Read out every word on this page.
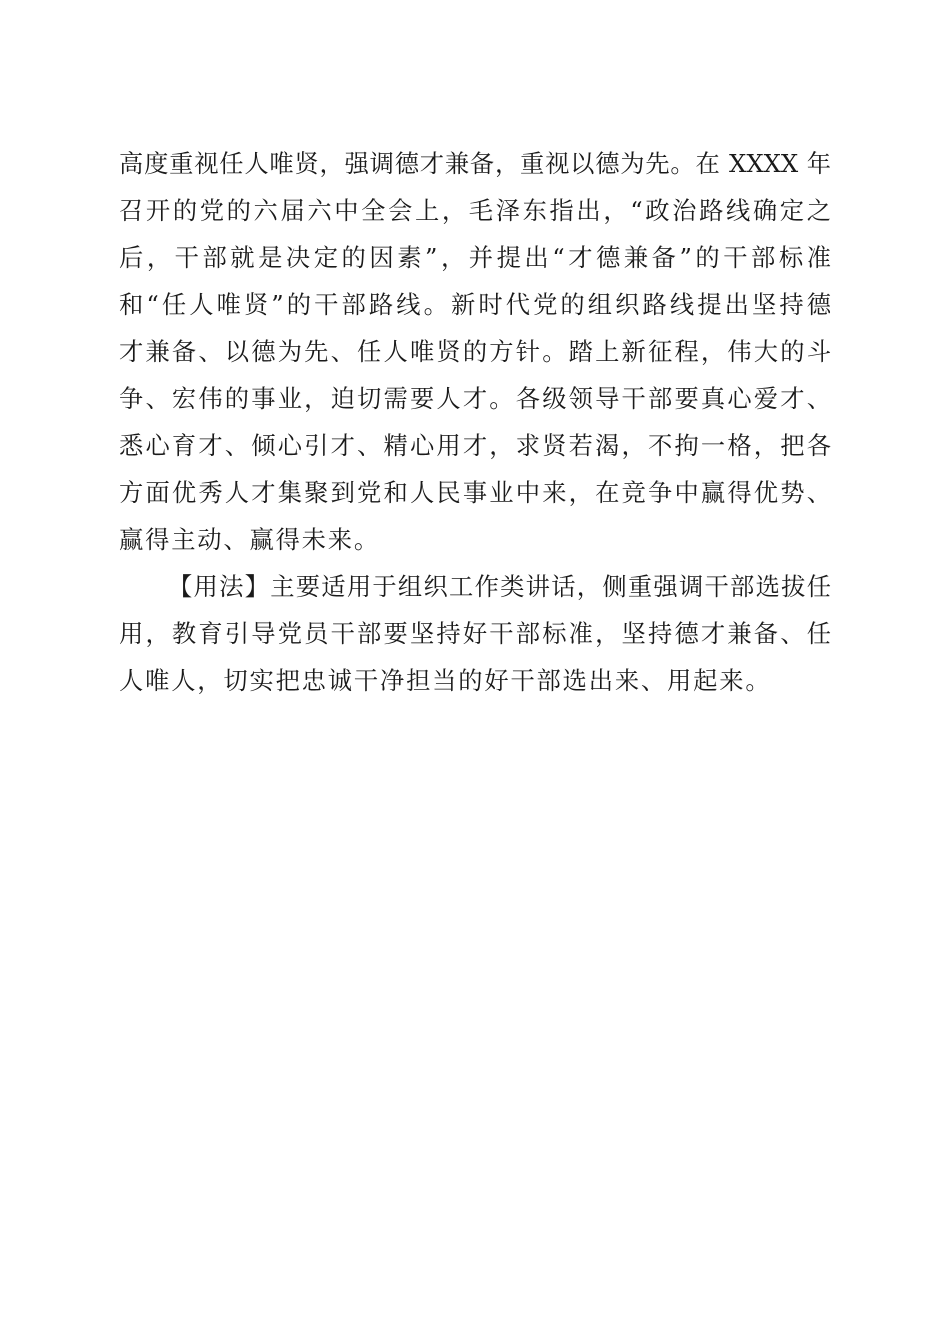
高度重视任人唯贤，强调德才兼备，重视以德为先。在 XXXX 年
召开的党的六届六中全会上，毛泽东指出，“政治路线确定之
后，干部就是决定的因素”，并提出“才德兼备”的干部标准
和“任人唯贤”的干部路线。新时代党的组织路线提出坚持德
才兼备、以德为先、任人唯贤的方针。踏上新征程，伟大的斗
争、宏伟的事业，迫切需要人才。各级领导干部要真心爱才、
悉心育才、倾心引才、精心用才，求贤若渴，不拘一格，把各
方面优秀人才集聚到党和人民事业中来，在竞争中赢得优势、
赢得主动、赢得未来。
【用法】主要适用于组织工作类讲话，侧重强调干部选拔任
用，教育引导党员干部要坚持好干部标准，坚持德才兼备、任
人唯人，切实把忠诚干净担当的好干部选出来、用起来。
